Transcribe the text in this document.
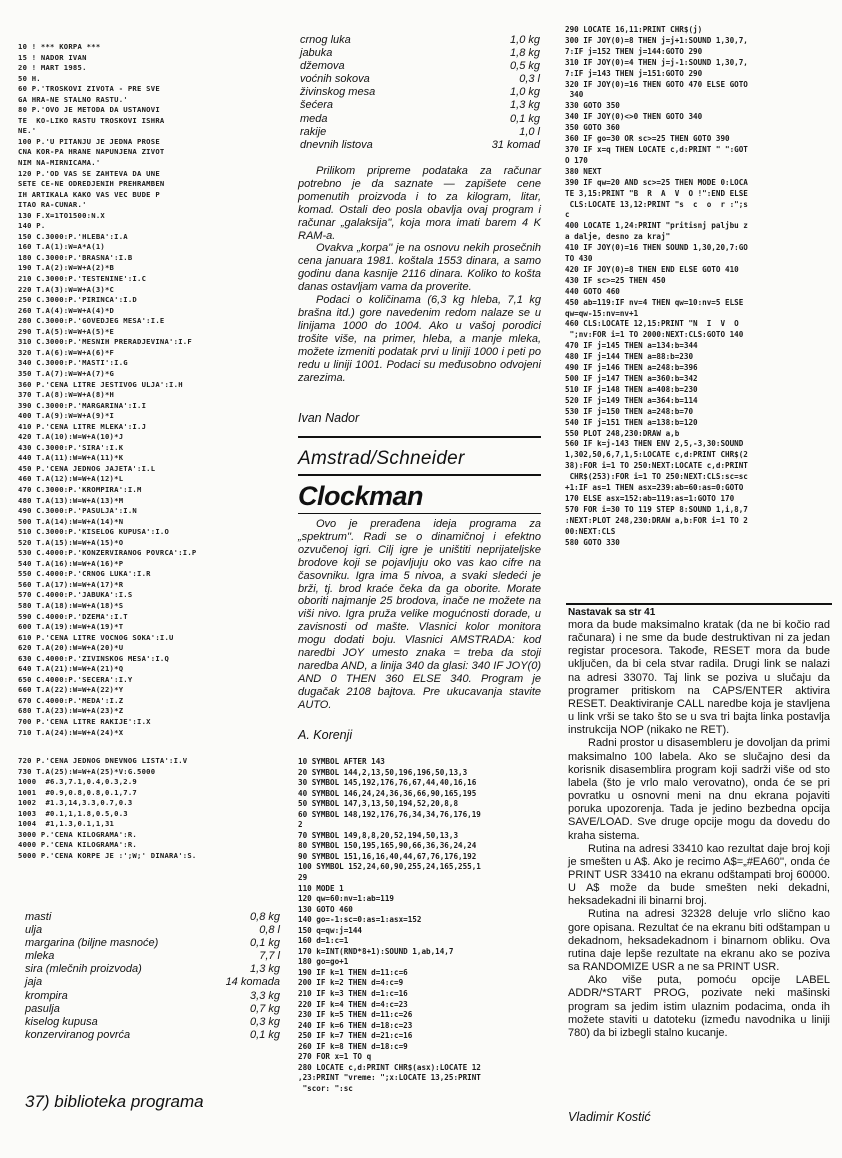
10 ! *** KORPA ***
15 ! NADOR IVAN
20 ! MART 1985.
50 H.
60 P.'TROSKOVI ZIVOTA - PRE SVE
GA HRA-NE STALNO RASTU.'
80 P.'OVO JE METODA DA USTANOVI
TE  KO-LIKO RASTU TROSKOVI ISHRA
NE.'
100 P.'U PITANJU JE JEDNA PROSE
CNA KOR-PA HRANE NAPUNJENA ZIVOT
NIM NA-MIRNICAMA.'
120 P.'OD VAS SE ZAHTEVA DA UNE
SETE CE-NE ODREDJENIH PREHRAMBEN
IH ARTIKALA KAKO VAS VEC BUDE P
ITAO RA-CUNAR.'
130 F.X=1TO1500:N.X
140 P.
150 C.3000:P.'HLEBA':I.A
160 T.A(1):W=A*A(1)
180 C.3000:P.'BRASNA':I.B
190 T.A(2):W=W+A(2)*B
210 C.3000:P.'TESTENINE':I.C
220 T.A(3):W=W+A(3)*C
250 C.3000:P.'PIRINCA':I.D
260 T.A(4):W=W+A(4)*D
280 C.3000:P.'GOVEDJEG MESA':I.E
290 T.A(5):W=W+A(5)*E
310 C.3000:P.'MESNIH PRERADJEVINA':I.F
320 T.A(6):W=W+A(6)*F
340 C.3000:P.'MASTI':I.G
350 T.A(7):W=W+A(7)*G
360 P.'CENA LITRE JESTIVOG ULJA':I.H
370 T.A(8):W=W+A(8)*H
390 C.3000:P.'MARGARINA':I.I
400 T.A(9):W=W+A(9)*I
410 P.'CENA LITRE MLEKA':I.J
420 T.A(10):W=W+A(10)*J
430 C.3000:P.'SIRA':I.K
440 T.A(11):W=W+A(11)*K
450 P.'CENA JEDNOG JAJETA':I.L
460 T.A(12):W=W+A(12)*L
470 C.3000:P.'KROMPIRA':I.M
480 T.A(13):W=W+A(13)*M
490 C.3000:P.'PASULJA':I.N
500 T.A(14):W=W+A(14)*N
510 C.3000:P.'KISELOG KUPUSA':I.O
520 T.A(15):W=W+A(15)*O
530 C.4000:P.'KONZERVIRANOG POVRCA':I.P
540 T.A(16):W=W+A(16)*P
550 C.4000:P.'CRNOG LUKA':I.R
560 T.A(17):W=W+A(17)*R
570 C.4000:P.'JABUKA':I.S
580 T.A(18):W=W+A(18)*S
590 C.4000:P.'DZEMA':I.T
600 T.A(19):W=W+A(19)*T
610 P.'CENA LITRE VOCNOG SOKA':I.U
620 T.A(20):W=W+A(20)*U
630 C.4000:P.'ZIVINSKOG MESA':I.Q
640 T.A(21):W=W+A(21)*Q
650 C.4000:P.'SECERA':I.Y
660 T.A(22):W=W+A(22)*Y
670 C.4000:P.'MEDA':I.Z
680 T.A(23):W=W+A(23)*Z
700 P.'CENA LITRE RAKIJE':I.X
710 T.A(24):W=W+A(24)*X
720 P.'CENA JEDNOG DNEVNOG LISTA':I.V
730 T.A(25):W=W+A(25)*V:G.5000
1000  #6.3,7.1,0.4,0.3,2.9
1001  #0.9,0.8,0.8,0.1,7.7
1002  #1.3,14,3.3,0.7,0.3
1003  #0.1,1,1.8,0.5,0.3
1004  #1,1.3,0.1,1,31
3000 P.'CENA KILOGRAMA':R.
4000 P.'CENA KILOGRAMA':R.
5000 P.'CENA KORPE JE :';W;' DINARA':S.
masti	0,8 kg
ulja	0,8 l
margarina (biljne masnoće)	0,1 kg
mleka	7,7 l
sira (mlečnih proizvoda)	1,3 kg
jaja	14 komada
krompira	3,3 kg
pasulja	0,7 kg
kiselog kupusa	0,3 kg
konzerviranog povrća	0,1 kg
crnog luka	1,0 kg
jabuka	1,8 kg
džemova	0,5 kg
voćnih sokova	0,3 l
živinskog mesa	1,0 kg
šećera	1,3 kg
meda	0,1 kg
rakije	1,0 l
dnevnih listova	31 komad

Prilikom pripreme podataka za računar potrebno je da saznate — zapišete cene pomenutih proizvoda i to za kilogram, litar, komad. Ostali deo posla obavlja ovaj program i računar „galaksija'', koja mora imati barem 4 K RAM-a.

Ovakva „korpa'' je na osnovu nekih prosečnih cena januara 1981. koštala 1553 dinara, a samo godinu dana kasnije 2116 dinara. Koliko to košta danas ostavljam vama da proverite.

Podaci o količinama (6,3 kg hleba, 7,1 kg brašna itd.) gore navedenim redom nalaze se u linijama 1000 do 1004. Ako u vašoj porodici trošite više, na primer, hleba, a manje mleka, možete izmeniti podatak prvi u liniji 1000 i peti po redu u liniji 1001. Podaci su međusobno odvojeni zarezima.

Ivan Nador
Amstrad/Schneider
Clockman

Ovo je prerađena ideja programa za „spektrum''. Radi se o dinamičnoj i efektno ozvučenoj igri. Cilj igre je uništiti neprijateljske brodove koji se pojavljuju oko vas kao cifre na časovniku. Igra ima 5 nivoa, a svaki sledeći je brži, tj. brod kraće čeka da ga oborite. Morate oboriti najmanje 25 brodova, inače ne možete na viši nivo. Igra pruža velike mogućnosti dorade, u zavisnosti od mašte. Vlasnici kolor monitora mogu dodati boju. Vlasnici AMSTRADA: kod naredbi JOY umesto znaka = treba da stoji naredba AND, a linija 340 da glasi: 340 IF JOY(0) AND 0 THEN 360 ELSE 340. Program je dugačak 2108 bajtova. Pre ukucavanja stavite AUTO.

A. Korenji
10 SYMBOL AFTER 143
20 SYMBOL 144,2,13,50,196,196,50,13,3
30 SYMBOL 145,192,176,76,67,44,40,16,16
40 SYMBOL 146,24,24,36,36,66,90,165,195
50 SYMBOL 147,3,13,50,194,52,20,8,8
60 SYMBOL 148,192,176,76,34,34,76,176,19
2
70 SYMBOL 149,8,8,20,52,194,50,13,3
80 SYMBOL 150,195,165,90,66,36,36,24,24
90 SYMBOL 151,16,16,40,44,67,76,176,192
100 SYMBOL 152,24,60,90,255,24,165,255,1
29
110 MODE 1
120 qw=60:nv=1:ab=119
130 GOTO 460
140 go=-1:sc=0:as=1:asx=152
150 q=qw:j=144
160 d=1:c=1
170 k=INT(RND*8+1):SOUND 1,ab,14,7
180 go=go+1
190 IF k=1 THEN d=11:c=6
200 IF k=2 THEN d=4:c=9
210 IF k=3 THEN d=1:c=16
220 IF k=4 THEN d=4:c=23
230 IF k=5 THEN d=11:c=26
240 IF k=6 THEN d=18:c=23
250 IF k=7 THEN d=21:c=16
260 IF k=8 THEN d=18:c=9
270 FOR x=1 TO q
280 LOCATE c,d:PRINT CHR$(asx):LOCATE 12
,23:PRINT "vreme: ";x:LOCATE 13,25:PRINT
"scor: ":sc
290 LOCATE 16,11:PRINT CHR$(j)
300 IF JOY(0)=8 THEN j=j+1:SOUND 1,30,7,
7:IF j=152 THEN j=144:GOTO 290
310 IF JOY(0)=4 THEN j=j-1:SOUND 1,30,7,
7:IF j=143 THEN j=151:GOTO 290
320 IF JOY(0)=16 THEN GOTO 470 ELSE GOTO
340
330 GOTO 350
340 IF JOY(0)<>0 THEN GOTO 340
350 GOTO 360
360 IF go=30 OR sc>=25 THEN GOTO 390
370 IF x=q THEN LOCATE c,d:PRINT " ":GOT
O 170
380 NEXT
390 IF qw=20 AND sc>=25 THEN MODE 0:LOCA
TE 3,15:PRINT "B  R  A  V  O !":END ELSE
CLS:LOCATE 13,12:PRINT "s  c  o  r :";s
c
400 LOCATE 1,24:PRINT "pritisnj paljbu z
a dalje, desno za kraj"
410 IF JOY(0)=16 THEN SOUND 1,30,20,7:GO
TO 430
420 IF JOY(0)=8 THEN END ELSE GOTO 410
430 IF sc>=25 THEN 450
440 GOTO 460
450 ab=119:IF nv=4 THEN qw=10:nv=5 ELSE
qw=qw-15:nv=nv+1
460 CLS:LOCATE 12,15:PRINT "N  I  V  O
";nv:FOR i=1 TO 2000:NEXT:CLS:GOTO 140
470 IF j=145 THEN a=134:b=344
480 IF j=144 THEN a=88:b=230
490 IF j=146 THEN a=248:b=396
500 IF j=147 THEN a=360:b=342
510 IF j=148 THEN a=408:b=230
520 IF j=149 THEN a=364:b=114
530 IF j=150 THEN a=248:b=70
540 IF j=151 THEN a=138:b=120
550 PLOT 248,230:DRAW a,b
560 IF k=j-143 THEN ENV 2,5,-3,30:SOUND
1,302,50,6,7,1,5:LOCATE c,d:PRINT CHR$(2
38):FOR i=1 TO 250:NEXT:LOCATE c,d:PRINT
CHR$(253):FOR i=1 TO 250:NEXT:CLS:sc=sc
+1:IF as=1 THEN asx=239:ab=60:as=0:GOTO
170 ELSE asx=152:ab=119:as=1:GOTO 170
570 FOR i=30 TO 119 STEP 8:SOUND 1,i,8,7
:NEXT:PLOT 248,230:DRAW a,b:FOR i=1 TO 2
00:NEXT:CLS
580 GOTO 330
Nastavak sa str 41

mora da bude maksimalno kratak (da ne bi kočio rad računara) i ne sme da bude destruktivan ni za jedan registar procesora. Takođe, RESET mora da bude uključen, da bi cela stvar radila. Drugi link se nalazi na adresi 33070. Taj link se poziva u slučaju da programer pritiskom na CAPS/ENTER aktivira RESET. Deaktiviranje CALL naredbe koja je stavljena u link vrši se tako što se u sva tri bajta linka postavlja instrukcija NOP (nikako ne RET).

Radni prostor u disasembleru je dovoljan da primi maksimalno 100 labela. Ako se slučajno desi da korisnik disasemblira program koji sadrži više od sto labela (što je vrlo malo verovatno), onda će se pri povratku u osnovni meni na dnu ekrana pojaviti poruka upozorenja. Tada je jedino bezbedna opcija SAVE/LOAD. Sve druge opcije mogu da dovedu do kraha sistema.

Rutina na adresi 33410 kao rezultat daje broj koji je smešten u A$. Ako je recimo A$=„#EA60'', onda će PRINT USR 33410 na ekranu odštampati broj 60000. U A$ može da bude smešten neki dekadni, heksadekadni ili binarni broj.

Rutina na adresi 32328 deluje vrlo slično kao gore opisana. Rezultat će na ekranu biti odštampan u dekadnom, heksadekadnom i binarnom obliku. Ova rutina daje lepše rezultate na ekranu ako se poziva sa RANDOMIZE USR a ne sa PRINT USR.

Ako više puta, pomoću opcije LABEL ADDR/*START PROG, pozivate neki mašinski program sa jedim istim ulaznim podacima, onda ih možete staviti u datoteku (između navodnika u liniji 780) da bi izbegli stalno kucanje.

Vladimir Kostić
37) biblioteka programa
